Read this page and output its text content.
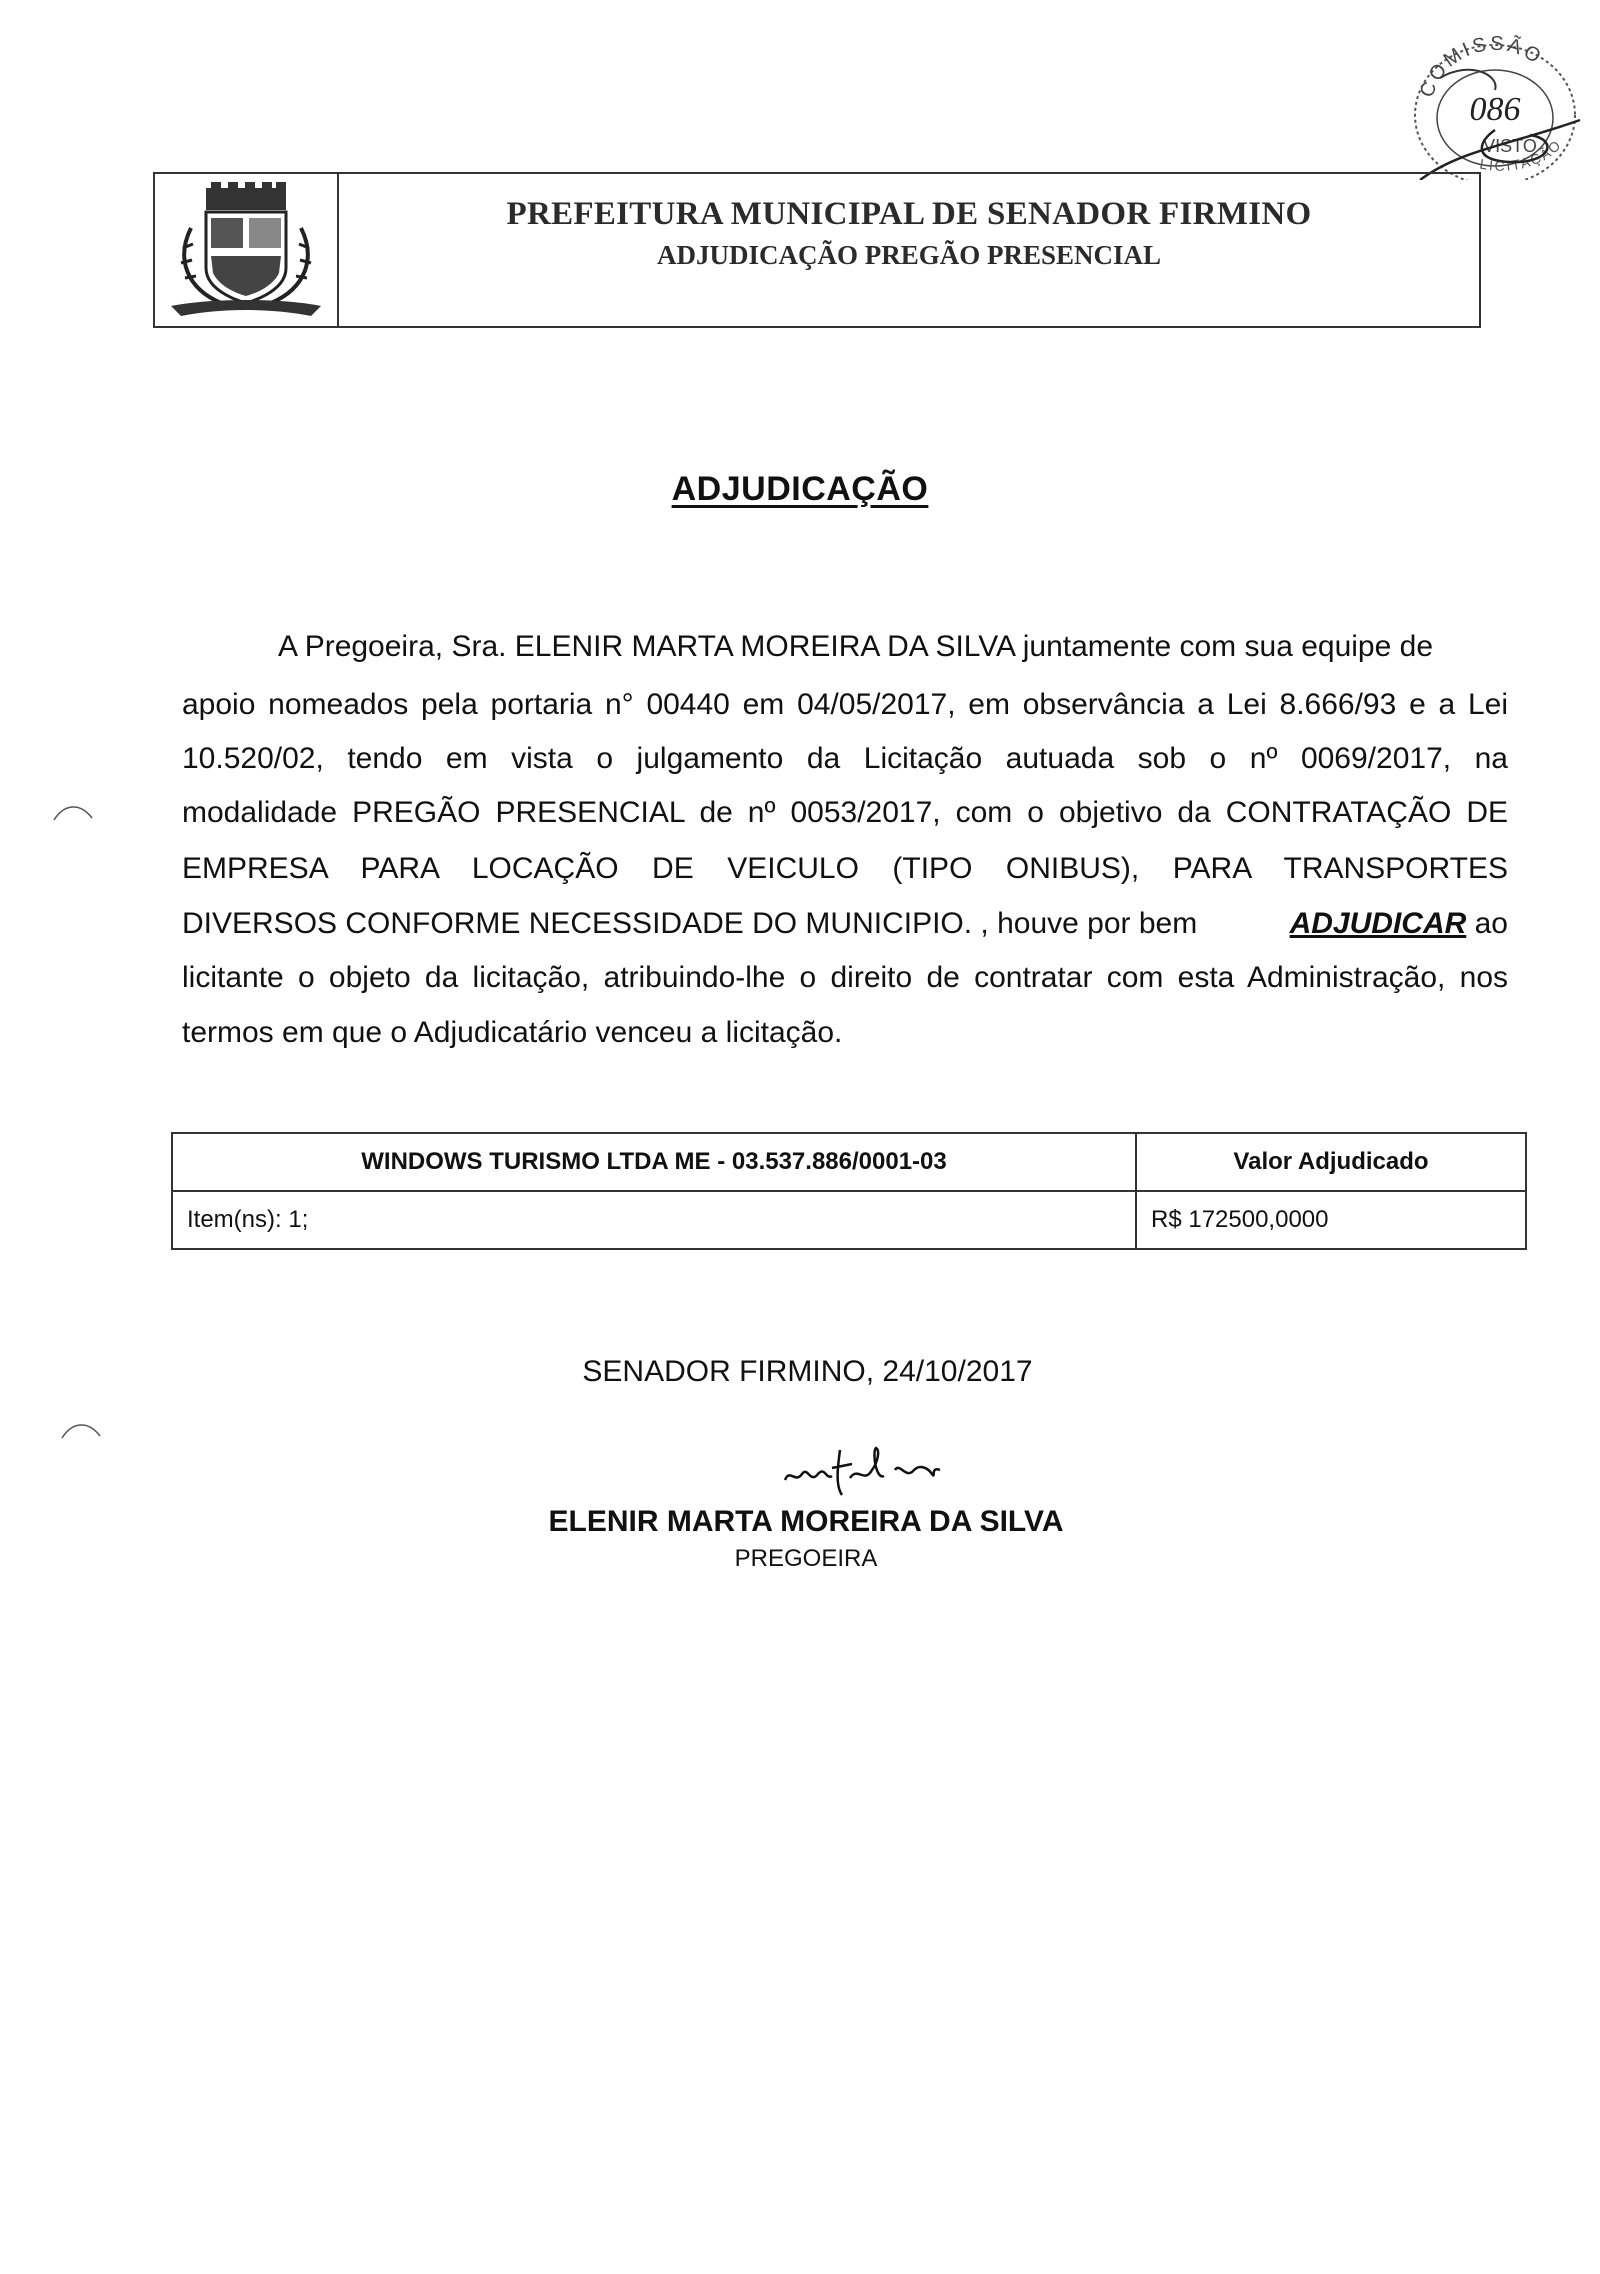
COMISSÃO
086
VISTO
LICITAÇÃO
PREFEITURA MUNICIPAL DE SENADOR FIRMINO
ADJUDICAÇÃO PREGÃO PRESENCIAL
ADJUDICAÇÃO
A Pregoeira, Sra. ELENIR MARTA MOREIRA DA SILVA juntamente com sua equipe de
apoio nomeados pela portaria n° 00440 em 04/05/2017, em observância a Lei 8.666/93 e a Lei
10.520/02, tendo em vista o julgamento da Licitação autuada sob o nº 0069/2017, na
modalidade PREGÃO PRESENCIAL de nº 0053/2017, com o objetivo da CONTRATAÇÃO DE
EMPRESA PARA LOCAÇÃO DE VEICULO (TIPO ONIBUS), PARA TRANSPORTES
DIVERSOS CONFORME NECESSIDADE DO MUNICIPIO. , houve por bem	ADJUDICAR ao
licitante o objeto da licitação, atribuindo-lhe o direito de contratar com esta Administração, nos
termos em que o Adjudicatário venceu a licitação.
WINDOWS TURISMO LTDA ME - 03.537.886/0001-03	Valor Adjudicado
Item(ns): 1;	R$ 172500,0000
SENADOR FIRMINO, 24/10/2017
ELENIR MARTA MOREIRA DA SILVA
PREGOEIRA
